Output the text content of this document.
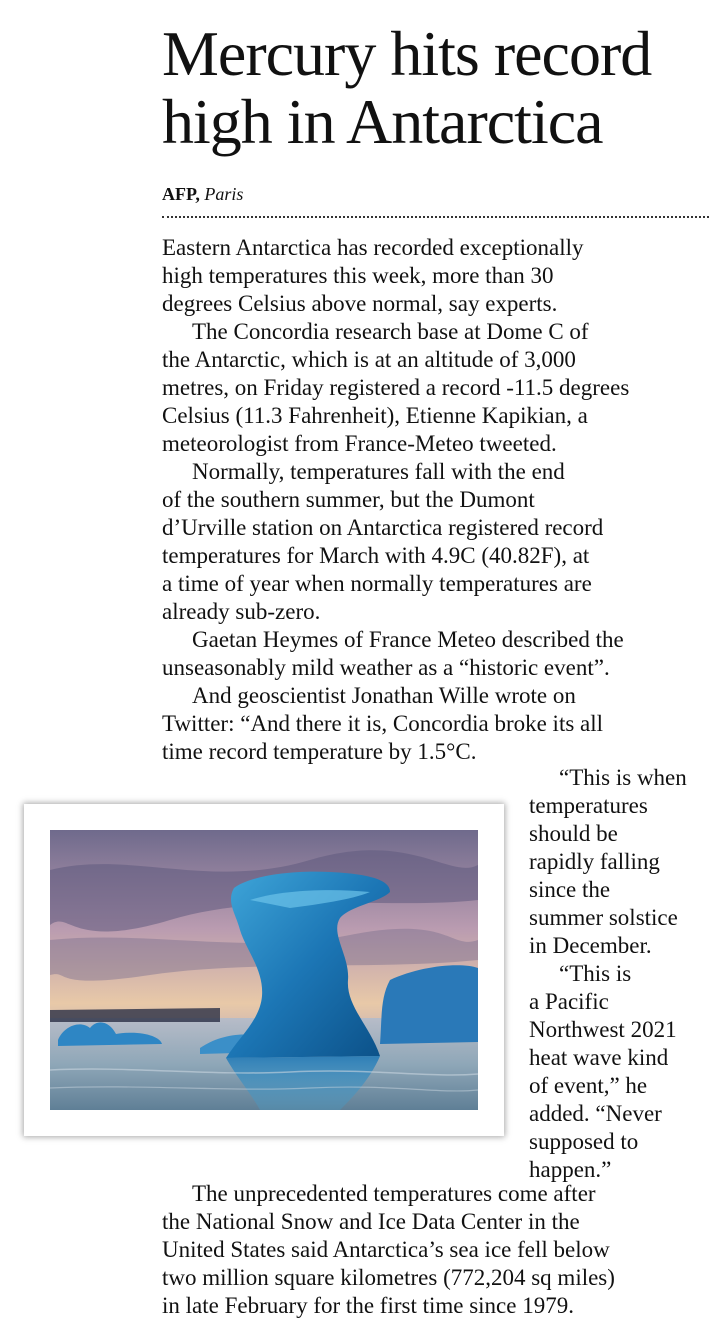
Mercury hits record
high in Antarctica
AFP, Paris
Eastern Antarctica has recorded exceptionally
high temperatures this week, more than 30
degrees Celsius above normal, say experts.
The Concordia research base at Dome C of
the Antarctic, which is at an altitude of 3,000
metres, on Friday registered a record -11.5 degrees
Celsius (11.3 Fahrenheit), Etienne Kapikian, a
meteorologist from France-Meteo tweeted.
Normally, temperatures fall with the end
of the southern summer, but the Dumont
d’Urville station on Antarctica registered record
temperatures for March with 4.9C (40.82F), at
a time of year when normally temperatures are
already sub-zero.
Gaetan Heymes of France Meteo described the
unseasonably mild weather as a “historic event”.
And geoscientist Jonathan Wille wrote on
Twitter: “And there it is, Concordia broke its all
time record temperature by 1.5°C.
“This is when
temperatures
should be
rapidly falling
since the
summer solstice
in December.
“This is
a Pacific
Northwest 2021
heat wave kind
of event,” he
added. “Never
supposed to
happen.”
The unprecedented temperatures come after
the National Snow and Ice Data Center in the
United States said Antarctica’s sea ice fell below
two million square kilometres (772,204 sq miles)
in late February for the first time since 1979.
